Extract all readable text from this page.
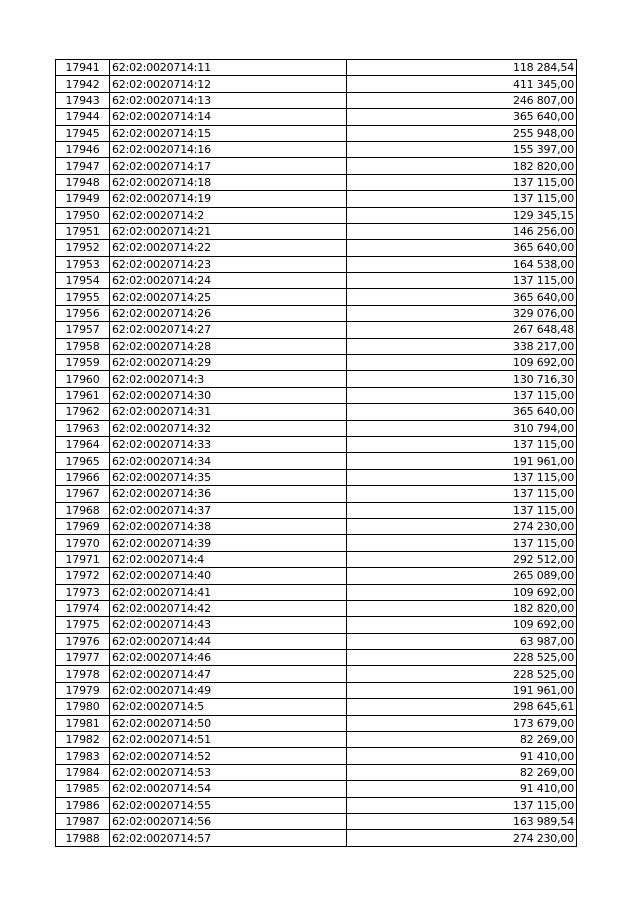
17941	62:02:0020714:11	118 284,54
17942	62:02:0020714:12	411 345,00
17943	62:02:0020714:13	246 807,00
17944	62:02:0020714:14	365 640,00
17945	62:02:0020714:15	255 948,00
17946	62:02:0020714:16	155 397,00
17947	62:02:0020714:17	182 820,00
17948	62:02:0020714:18	137 115,00
17949	62:02:0020714:19	137 115,00
17950	62:02:0020714:2	129 345,15
17951	62:02:0020714:21	146 256,00
17952	62:02:0020714:22	365 640,00
17953	62:02:0020714:23	164 538,00
17954	62:02:0020714:24	137 115,00
17955	62:02:0020714:25	365 640,00
17956	62:02:0020714:26	329 076,00
17957	62:02:0020714:27	267 648,48
17958	62:02:0020714:28	338 217,00
17959	62:02:0020714:29	109 692,00
17960	62:02:0020714:3	130 716,30
17961	62:02:0020714:30	137 115,00
17962	62:02:0020714:31	365 640,00
17963	62:02:0020714:32	310 794,00
17964	62:02:0020714:33	137 115,00
17965	62:02:0020714:34	191 961,00
17966	62:02:0020714:35	137 115,00
17967	62:02:0020714:36	137 115,00
17968	62:02:0020714:37	137 115,00
17969	62:02:0020714:38	274 230,00
17970	62:02:0020714:39	137 115,00
17971	62:02:0020714:4	292 512,00
17972	62:02:0020714:40	265 089,00
17973	62:02:0020714:41	109 692,00
17974	62:02:0020714:42	182 820,00
17975	62:02:0020714:43	109 692,00
17976	62:02:0020714:44	63 987,00
17977	62:02:0020714:46	228 525,00
17978	62:02:0020714:47	228 525,00
17979	62:02:0020714:49	191 961,00
17980	62:02:0020714:5	298 645,61
17981	62:02:0020714:50	173 679,00
17982	62:02:0020714:51	82 269,00
17983	62:02:0020714:52	91 410,00
17984	62:02:0020714:53	82 269,00
17985	62:02:0020714:54	91 410,00
17986	62:02:0020714:55	137 115,00
17987	62:02:0020714:56	163 989,54
17988	62:02:0020714:57	274 230,00
